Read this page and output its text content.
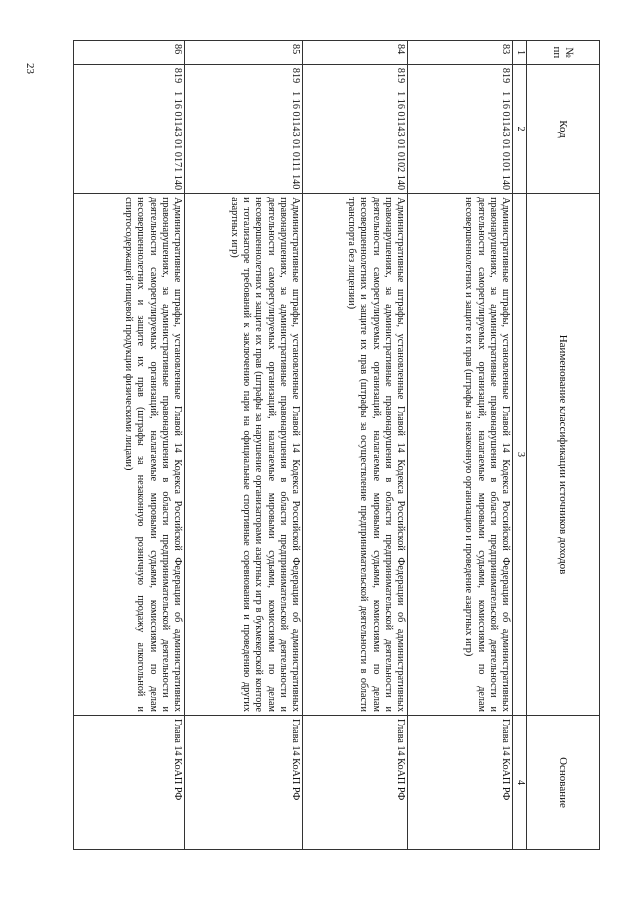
23
№ пп	Код	Наименование классификации источников доходов	Основание
1	2	3	4
83	8191 16 01143 01 0101 140	Административные штрафы, установленные Главой 14 Кодекса Российской Федерации об административных правонарушениях, за административные правонарушения в области предпринимательской деятельности и деятельности саморегулируемых организаций, налагаемые мировыми судьями, комиссиями по делам несовершеннолетних и защите их прав (штрафы за незаконную организацию и проведение азартных игр)	Глава 14 КоАП РФ
84	8191 16 01143 01 0102 140	Административные штрафы, установленные Главой 14 Кодекса Российской Федерации об административных правонарушениях, за административные правонарушения в области предпринимательской деятельности и деятельности саморегулируемых организаций, налагаемые мировыми судьями, комиссиями по делам несовершеннолетних и защите их прав (штрафы за осуществление предпринимательской деятельности в области транспорта без лицензии)	Глава 14 КоАП РФ
85	8191 16 01143 01 0111 140	Административные штрафы, установленные Главой 14 Кодекса Российской Федерации об административных правонарушениях, за административные правонарушения в области предпринимательской деятельности и деятельности саморегулируемых организаций, налагаемые мировыми судьями, комиссиями по делам несовершеннолетних и защите их прав (штрафы за нарушение организаторами азартных игр в букмекерской конторе и тотализаторе требований к заключению пари на официальные спортивные соревнования и проведению других азартных игр)	Глава 14 КоАП РФ
86	8191 16 01143 01 0171 140	Административные штрафы, установленные Главой 14 Кодекса Российской Федерации об административных правонарушениях, за административные правонарушения в области предпринимательской деятельности и деятельности саморегулируемых организаций, налагаемые мировыми судьями, комиссиями по делам несовершеннолетних и защите их прав (штрафы за незаконную розничную продажу алкогольной и спиртосодержащей пищевой продукции физическими лицами)	Глава 14 КоАП РФ
